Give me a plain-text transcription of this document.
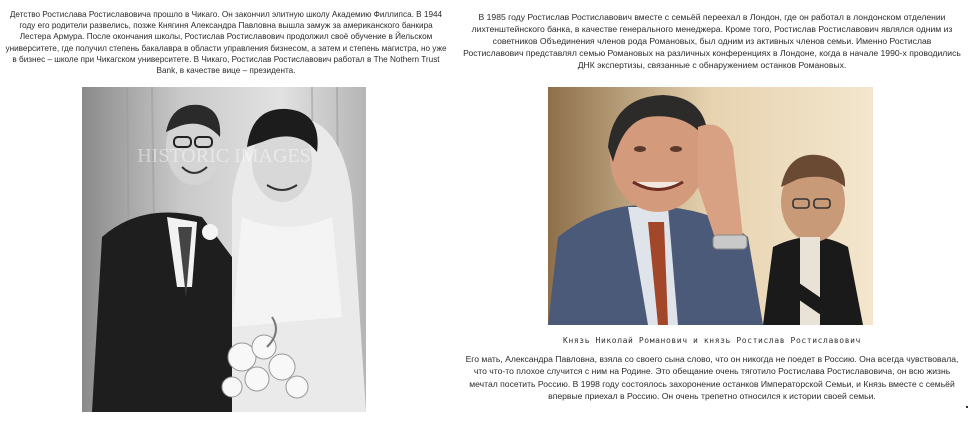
Детство Ростислава Ростиславовича прошло в Чикаго. Он закончил элитную школу Академию Филлипса. В 1944 году его родители развелись, позже Княгиня Александра Павловна вышла замуж за американского банкира Лестера Армура. После окончания школы, Ростислав Ростиславович продолжил своё обучение в Йельском университете, где получил степень бакалавра в области управления бизнесом, а затем и степень магистра, но уже в бизнес – школе при Чикагском университете. В Чикаго, Ростислав Ростиславович работал в The Nothern Trust Bank, в качестве вице – президента.

HISTORIC IMAGES

В 1985 году Ростислав Ростиславович вместе с семьёй переехал в Лондон, где он работал в лондонском отделении лихтенштейнского банка, в качестве генерального менеджера. Кроме того, Ростислав Ростиславович являлся одним из советников Объединения членов рода Романовых, был одним из активных членов семьи. Именно Ростислав Ростиславович представлял семью Романовых на различных конференциях в Лондоне, когда в начале 1990-х проводились ДНК экспертизы, связанные с обнаружением останков Романовых.

Его мать, Александра Павловна, взяла со своего сына слово, что он никогда не поедет в Россию. Она всегда чувствовала, что что-то плохое случится с ним на Родине. Это обещание очень тяготило Ростислава Ростиславовича, он всю жизнь мечтал посетить Россию. В 1998 году состоялось захоронение останков Императорской Семьи, и Князь вместе с семьёй впервые приехал в Россию. Он очень трепетно относился к истории своей семьи.

Князь Николай Романович и князь Ростислав Ростиславович
